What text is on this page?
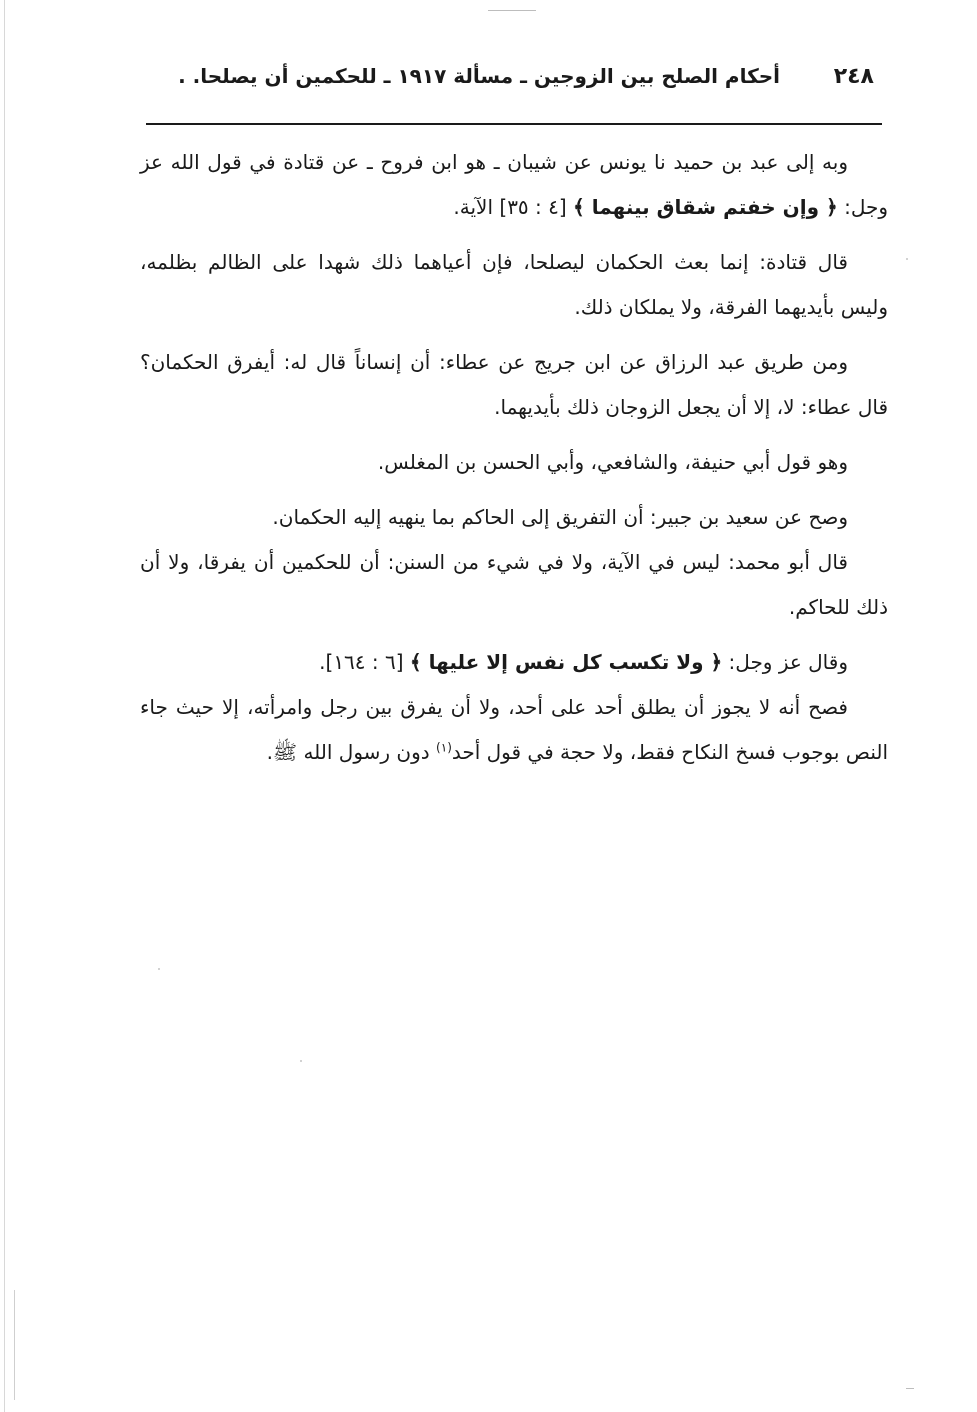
٢٤٨
أحكام الصلح بين الزوجين ـ مسألة ١٩١٧ ـ للحكمين أن يصلحا. .

وبه إلى عبد بن حميد نا يونس عن شيبان ـ هو ابن فروح ـ عن قتادة في قول الله عز وجل: ﴿ وإن خفتم شقاق بينهما ﴾ [٤ : ٣٥] الآية.

قال قتادة: إنما بعث الحكمان ليصلحا، فإن أعياهما ذلك شهدا على الظالم بظلمه، وليس بأيديهما الفرقة، ولا يملكان ذلك.

ومن طريق عبد الرزاق عن ابن جريج عن عطاء: أن إنساناً قال له: أيفرق الحكمان؟ قال عطاء: لا، إلا أن يجعل الزوجان ذلك بأيديهما.

وهو قول أبي حنيفة، والشافعي، وأبي الحسن بن المغلس.

وصح عن سعيد بن جبير: أن التفريق إلى الحاكم بما ينهيه إليه الحكمان.

قال أبو محمد: ليس في الآية، ولا في شيء من السنن: أن للحكمين أن يفرقا، ولا أن ذلك للحاكم.

وقال عز وجل: ﴿ ولا تكسب كل نفس إلا عليها ﴾ [٦ : ١٦٤].

فصح أنه لا يجوز أن يطلق أحد على أحد، ولا أن يفرق بين رجل وامرأته، إلا حيث جاء النص بوجوب فسخ النكاح فقط، ولا حجة في قول أحد$^{(١)}$ دون رسول الله ﷺ.
